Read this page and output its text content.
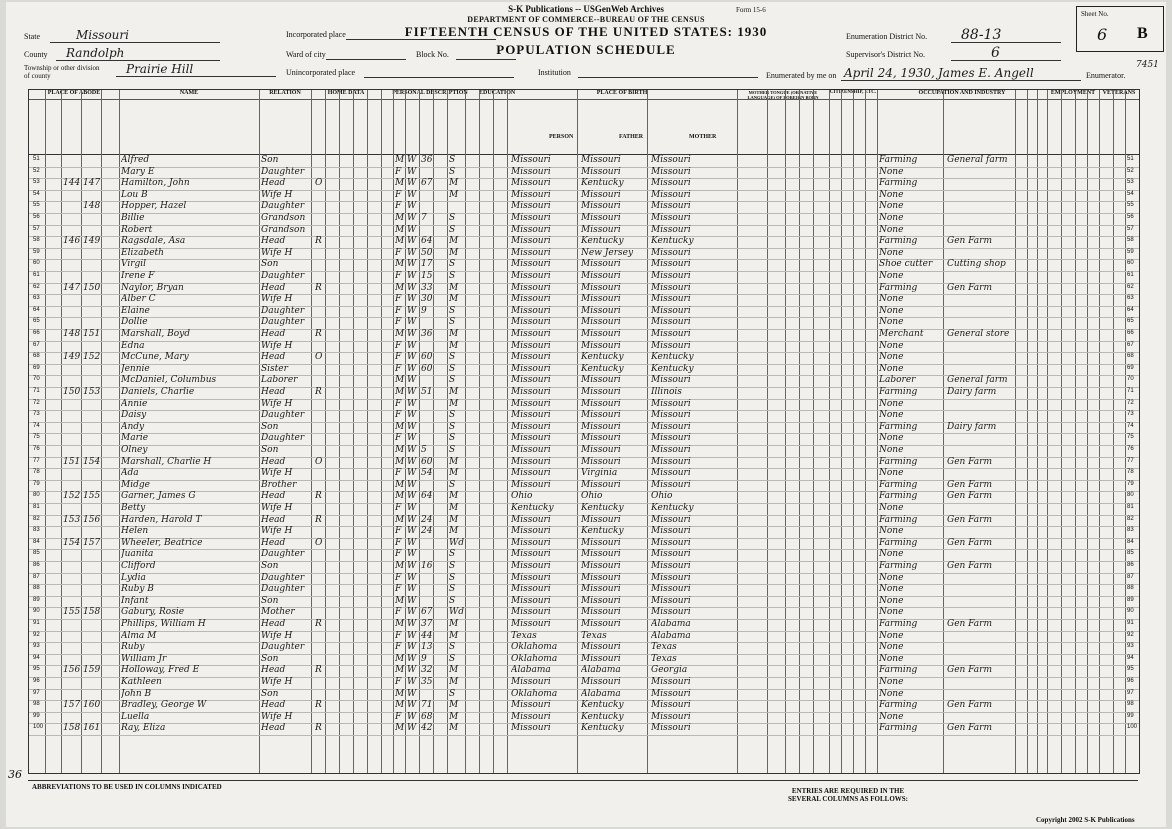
S-K Publications -- USGenWeb Archives	Form 15-6
DEPARTMENT OF COMMERCE--BUREAU OF THE CENSUS
FIFTEENTH CENSUS OF THE UNITED STATES: 1930
POPULATION SCHEDULE
State	Missouri
County Randolph
Township or other division of county	Prairie Hill
Incorporated place
Ward of city	Block No.
Unincorporated place	Institution
Enumeration District No. 88-13
Supervisor's District No.	6
Enumerated by me on April 24, 1930, James E. Angell	Enumerator.
7451
Sheet No.
6 B
PLACE OF ABODE	NAME	RELATION	HOME DATA	PERSONAL DESCRIPTION	EDUCATION	PLACE OF BIRTH	MOTHER TONGUE (OR NATIVE LANGUAGE) OF FOREIGN BORN
CITIZENSHIP, ETC.	OCCUPATION AND INDUSTRY	EMPLOYMENT	VETERANS
PERSON	FATHER	MOTHER
51	Alfred	Son	M W 36	S	Missouri	Missouri	Missouri	Farming	General farm	51
52	Mary E	Daughter	F W	S	Missouri	Missouri	Missouri	None	52
53	144 147	Hamilton, John	Head	O	M W 67	M	Missouri	Kentucky	Missouri	Farming	53
54	Lou B	Wife H	F W	M	Missouri	Missouri	Missouri	None	54
55	148	Hopper, Hazel	Daughter	F W	Missouri	Missouri	Missouri	None	55
56	Billie	Grandson	M W 7	S	Missouri	Missouri	Missouri	None	56
57	Robert	Grandson	M W	S	Missouri	Missouri	Missouri	None	57
58	146 149	Ragsdale, Asa	Head	R	M W 64	M	Missouri	Kentucky	Kentucky	Farming	Gen Farm	58
59	Elizabeth	Wife H	F W 50	M	Missouri	New Jersey	Missouri	None	59
60	Virgil	Son	M W 17	S	Missouri	Missouri	Missouri	Shoe cutter	Cutting shop	60
61	Irene F	Daughter	F W 15	S	Missouri	Missouri	Missouri	None	61
62	147 150	Naylor, Bryan	Head	R	M W 33	M	Missouri	Missouri	Missouri	Farming	Gen Farm	62
63	Alber C	Wife H	F W 30	M	Missouri	Missouri	Missouri	None	63
64	Elaine	Daughter	F W 9	S	Missouri	Missouri	Missouri	None	64
65	Dollie	Daughter	F W	S	Missouri	Missouri	Missouri	None	65
66	148 151	Marshall, Boyd	Head	R	M W 36	M	Missouri	Missouri	Missouri	Merchant	General store	66
67	Edna	Wife H	F W	M	Missouri	Missouri	Missouri	None	67
68	149 152	McCune, Mary	Head	O	F W 60	S	Missouri	Kentucky	Kentucky	None	68
69	Jennie	Sister	F W 60	S	Missouri	Kentucky	Kentucky	None	69
70	McDaniel, Columbus	Laborer	M W	S	Missouri	Missouri	Missouri	Laborer	General farm	70
71	150 153	Daniels, Charlie	Head	R	M W 51	M	Missouri	Missouri	Illinois	Farming	Dairy farm	71
72	Annie	Wife H	F W	M	Missouri	Missouri	Missouri	None	72
73	Daisy	Daughter	F W	S	Missouri	Missouri	Missouri	None	73
74	Andy	Son	M W	S	Missouri	Missouri	Missouri	Farming	Dairy farm	74
75	Marie	Daughter	F W	S	Missouri	Missouri	Missouri	None	75
76	Olney	Son	M W 5	S	Missouri	Missouri	Missouri	None	76
77	151 154	Marshall, Charlie H	Head	O	M W 60	M	Missouri	Missouri	Missouri	Farming	Gen Farm	77
78	Ada	Wife H	F W 54	M	Missouri	Virginia	Missouri	None	78
79	Midge	Brother	M W	S	Missouri	Missouri	Missouri	Farming	Gen Farm	79
80	152 155	Garner, James G	Head	R	M W 64	M	Ohio	Ohio	Ohio	Farming	Gen Farm	80
81	Betty	Wife H	F W	M	Kentucky	Kentucky	Kentucky	None	81
82	153 156	Harden, Harold T	Head	R	M W 24	M	Missouri	Missouri	Missouri	Farming	Gen Farm	82
83	Helen	Wife H	F W 24	M	Missouri	Kentucky	Missouri	None	83
84	154 157	Wheeler, Beatrice	Head	O	F W	Wd	Missouri	Missouri	Missouri	Farming	Gen Farm	84
85	Juanita	Daughter	F W	S	Missouri	Missouri	Missouri	None	85
86	Clifford	Son	M W 16	S	Missouri	Missouri	Missouri	Farming	Gen Farm	86
87	Lydia	Daughter	F W	S	Missouri	Missouri	Missouri	None	87
88	Ruby B	Daughter	F W	S	Missouri	Missouri	Missouri	None	88
89	Infant	Son	M W	S	Missouri	Missouri	Missouri	None	89
90	155 158	Gabury, Rosie	Mother	F W 67	Wd	Missouri	Missouri	Missouri	None	90
91	Phillips, William H	Head	R	M W 37	M	Missouri	Missouri	Alabama	Farming	Gen Farm	91
92	Alma M	Wife H	F W 44	M	Texas	Texas	Alabama	None	92
93	Ruby	Daughter	F W 13	S	Oklahoma	Missouri	Texas	None	93
94	William Jr	Son	M W 9	S	Oklahoma	Missouri	Texas	None	94
95	156 159	Holloway, Fred E	Head	R	M W 32	M	Alabama	Alabama	Georgia	Farming	Gen Farm	95
96	Kathleen	Wife H	F W 35	M	Missouri	Missouri	Missouri	None	96
97	John B	Son	M W	S	Oklahoma	Alabama	Missouri	None	97
98	157 160	Bradley, George W	Head	R	M W 71	M	Missouri	Kentucky	Missouri	Farming	Gen Farm	98
99	Luella	Wife H	F W 68	M	Missouri	Kentucky	Missouri	None	99
100 158 161	Ray, Eliza	Head	R	M W 42	M	Missouri	Kentucky	Missouri	Farming	Gen Farm	100
ABBREVIATIONS TO BE USED IN COLUMNS INDICATED	ENTRIES ARE REQUIRED IN THE SEVERAL COLUMNS AS FOLLOWS:
Copyright 2002 S-K Publications
36
